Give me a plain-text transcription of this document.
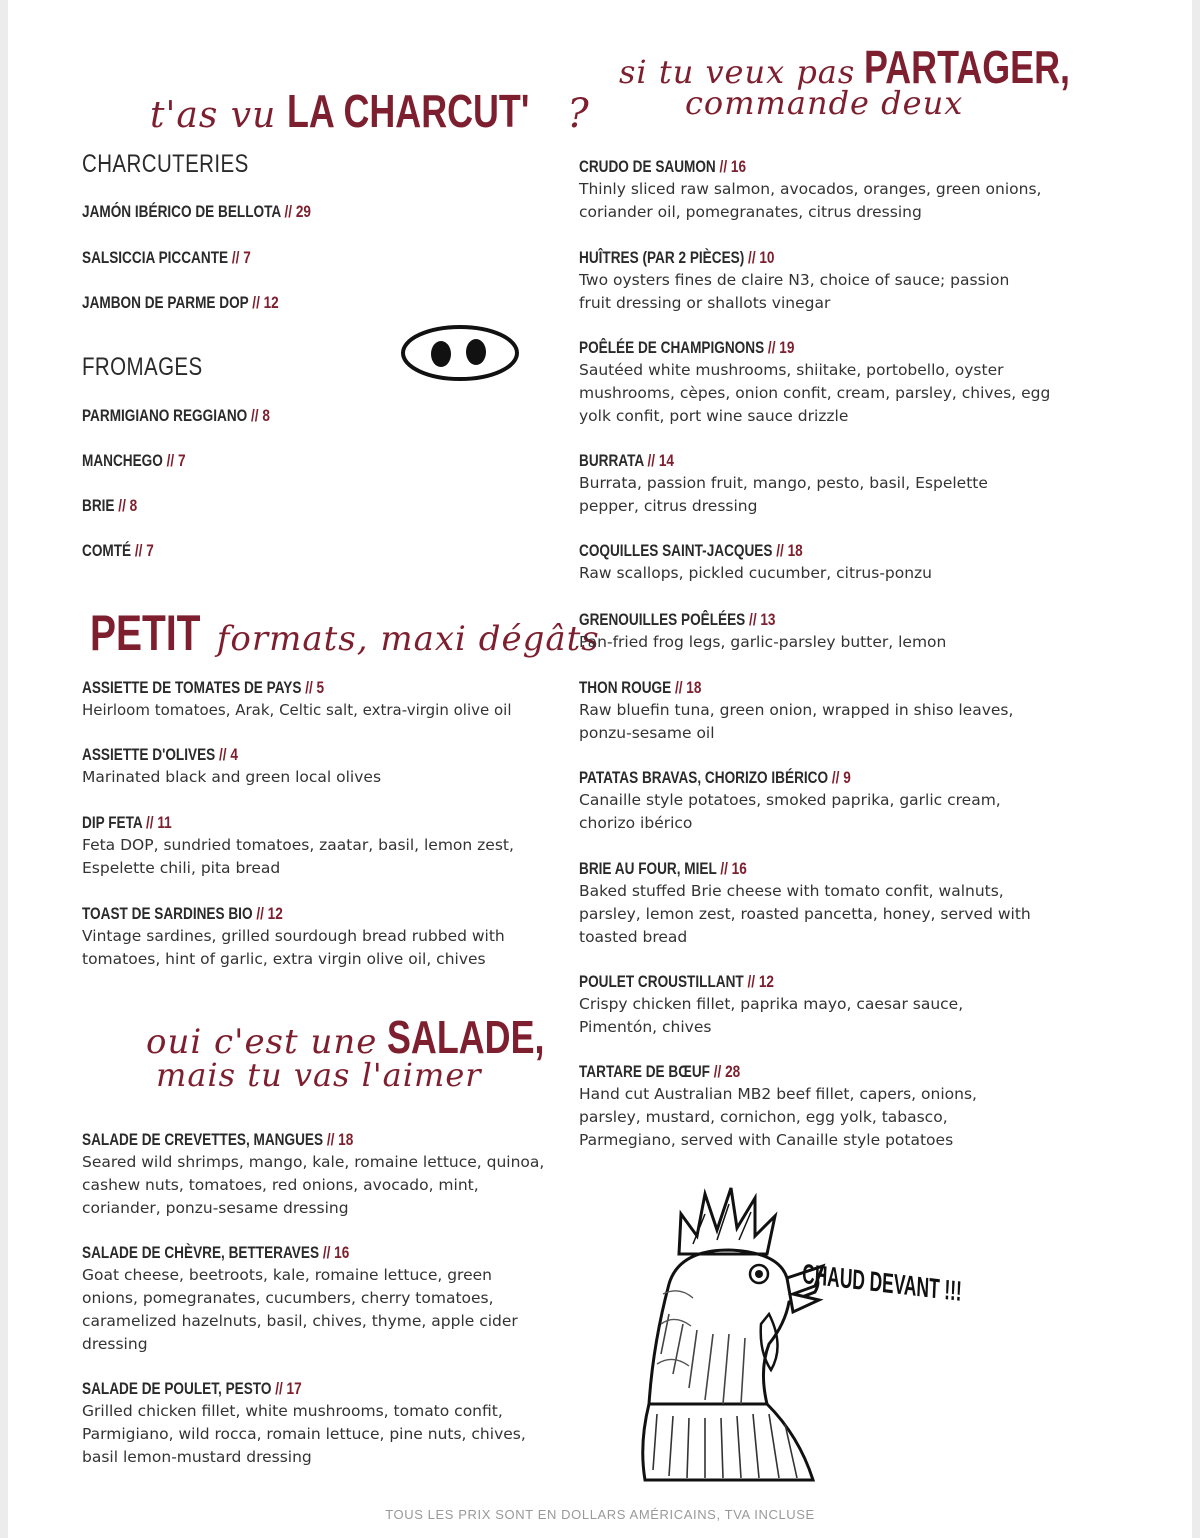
t'as vu LA CHARCUT' ?
CHARCUTERIES
JAMÓN IBÉRICO DE BELLOTA // 29
SALSICCIA PICCANTE // 7
JAMBON DE PARME DOP // 12
FROMAGES
PARMIGIANO REGGIANO // 8
MANCHEGO // 7
BRIE // 8
COMTÉ // 7
PETIT formats, maxi dégâts
ASSIETTE DE TOMATES DE PAYS // 5
Heirloom tomatoes, Arak, Celtic salt, extra-virgin olive oil
ASSIETTE D'OLIVES // 4
Marinated black and green local olives
DIP FETA // 11
Feta DOP, sundried tomatoes, zaatar, basil, lemon zest, Espelette chili, pita bread
TOAST DE SARDINES BIO // 12
Vintage sardines, grilled sourdough bread rubbed with tomatoes, hint of garlic, extra virgin olive oil, chives
oui c'est une SALADE,
mais tu vas l'aimer
SALADE DE CREVETTES, MANGUES // 18
Seared wild shrimps, mango, kale, romaine lettuce, quinoa, cashew nuts, tomatoes, red onions, avocado, mint, coriander, ponzu-sesame dressing
SALADE DE CHÈVRE, BETTERAVES // 16
Goat cheese, beetroots, kale, romaine lettuce, green onions, pomegranates, cucumbers, cherry tomatoes, caramelized hazelnuts, basil, chives, thyme, apple cider dressing
SALADE DE POULET, PESTO // 17
Grilled chicken fillet, white mushrooms, tomato confit, Parmigiano, wild rocca, romain lettuce, pine nuts, chives, basil lemon-mustard dressing
si tu veux pas PARTAGER,
commande deux
CRUDO DE SAUMON // 16
Thinly sliced raw salmon, avocados, oranges, green onions, coriander oil, pomegranates, citrus dressing
HUÎTRES (PAR 2 PIÈCES) // 10
Two oysters fines de claire N3, choice of sauce; passion fruit dressing or shallots vinegar
POÊLÉE DE CHAMPIGNONS // 19
Sautéed white mushrooms, shiitake, portobello, oyster mushrooms, cèpes, onion confit, cream, parsley, chives, egg yolk confit, port wine sauce drizzle
BURRATA // 14
Burrata, passion fruit, mango, pesto, basil, Espelette pepper, citrus dressing
COQUILLES SAINT-JACQUES // 18
Raw scallops, pickled cucumber, citrus-ponzu
GRENOUILLES POÊLÉES // 13
Pan-fried frog legs, garlic-parsley butter, lemon
THON ROUGE // 18
Raw bluefin tuna, green onion, wrapped in shiso leaves, ponzu-sesame oil
PATATAS BRAVAS, CHORIZO IBÉRICO // 9
Canaille style potatoes, smoked paprika, garlic cream, chorizo ibérico
BRIE AU FOUR, MIEL // 16
Baked stuffed Brie cheese with tomato confit, walnuts, parsley, lemon zest, roasted pancetta, honey, served with toasted bread
POULET CROUSTILLANT // 12
Crispy chicken fillet, paprika mayo, caesar sauce, Pimentón, chives
TARTARE DE BŒUF // 28
Hand cut Australian MB2 beef fillet, capers, onions, parsley, mustard, cornichon, egg yolk, tabasco, Parmegiano, served with Canaille style potatoes
CHAUD DEVANT !!!
TOUS LES PRIX SONT EN DOLLARS AMÉRICAINS, TVA INCLUSE
